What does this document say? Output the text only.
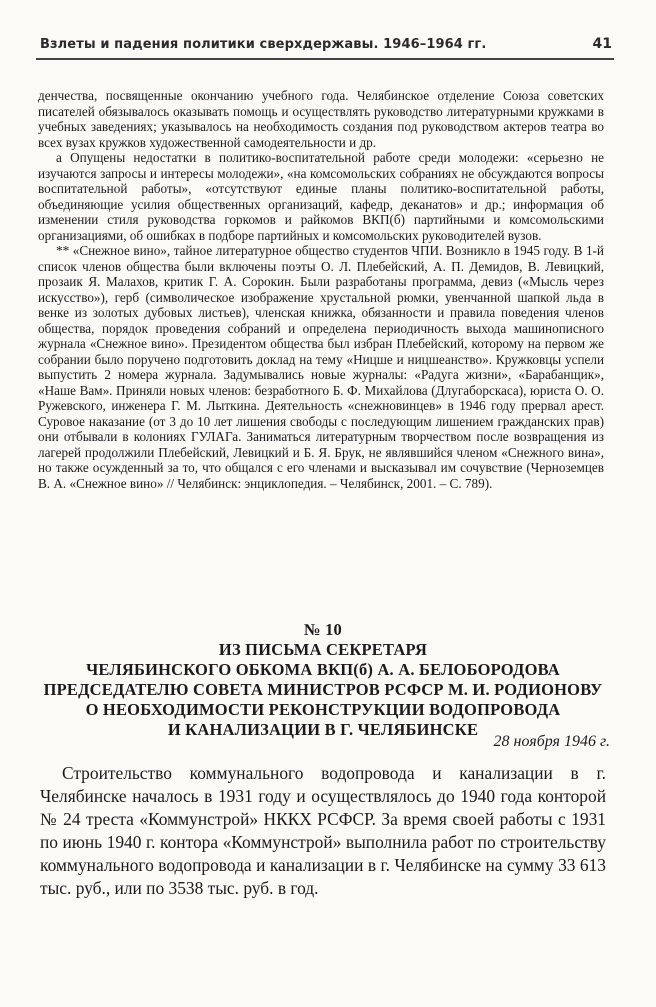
Взлеты и падения политики сверхдержавы. 1946–1964 гг.	41

денчества, посвященные окончанию учебного года. Челябинское отделение Союза советских писателей обязывалось оказывать помощь и осуществлять руководство литературными кружками в учебных заведениях; указывалось на необходимость создания под руководством актеров театра во всех вузах кружков художественной самодеятельности и др.

a Опущены недостатки в политико-воспитательной работе среди молодежи: «серьезно не изучаются запросы и интересы молодежи», «на комсомольских собраниях не обсуждаются вопросы воспитательной работы», «отсутствуют единые планы политико-воспитательной работы, объединяющие усилия общественных организаций, кафедр, деканатов» и др.; информация об изменении стиля руководства горкомов и райкомов ВКП(б) партийными и комсомольскими организациями, об ошибках в подборе партийных и комсомольских руководителей вузов.

** «Снежное вино», тайное литературное общество студентов ЧПИ. Возникло в 1945 году. В 1-й список членов общества были включены поэты О. Л. Плебейский, А. П. Демидов, В. Левицкий, прозаик Я. Малахов, критик Г. А. Сорокин. Были разработаны программа, девиз («Мысль через искусство»), герб (символическое изображение хрустальной рюмки, увенчанной шапкой льда в венке из золотых дубовых листьев), членская книжка, обязанности и правила поведения членов общества, порядок проведения собраний и определена периодичность выхода машинописного журнала «Снежное вино». Президентом общества был избран Плебейский, которому на первом же собрании было поручено подготовить доклад на тему «Ницше и ницшеанство». Кружковцы успели выпустить 2 номера журнала. Задумывались новые журналы: «Радуга жизни», «Барабанщик», «Наше Вам». Приняли новых членов: безработного Б. Ф. Михайлова (Длугаборскаса), юриста О. О. Ружевского, инженера Г. М. Лыткина. Деятельность «снежновинцев» в 1946 году прервал арест. Суровое наказание (от 3 до 10 лет лишения свободы с последующим лишением гражданских прав) они отбывали в колониях ГУЛАГа. Заниматься литературным творчеством после возвращения из лагерей продолжили Плебейский, Левицкий и Б. Я. Брук, не являвшийся членом «Снежного вина», но также осужденный за то, что общался с его членами и высказывал им сочувствие (Черноземцев В. А. «Снежное вино» // Челябинск: энциклопедия. – Челябинск, 2001. – С. 789).

№ 10
ИЗ ПИСЬМА СЕКРЕТАРЯ
ЧЕЛЯБИНСКОГО ОБКОМА ВКП(б) А. А. БЕЛОБОРОДОВА
ПРЕДСЕДАТЕЛЮ СОВЕТА МИНИСТРОВ РСФСР М. И. РОДИОНОВУ
О НЕОБХОДИМОСТИ РЕКОНСТРУКЦИИ ВОДОПРОВОДА
И КАНАЛИЗАЦИИ В Г. ЧЕЛЯБИНСКЕ
28 ноября 1946 г.

Строительство коммунального водопровода и канализации в г. Челябинске началось в 1931 году и осуществлялось до 1940 года конторой № 24 треста «Коммунстрой» НККХ РСФСР. За время своей работы с 1931 по июнь 1940 г. контора «Коммунстрой» выполнила работ по строительству коммунального водопровода и канализации в г. Челябинске на сумму 33 613 тыс. руб., или по 3538 тыс. руб. в год.
